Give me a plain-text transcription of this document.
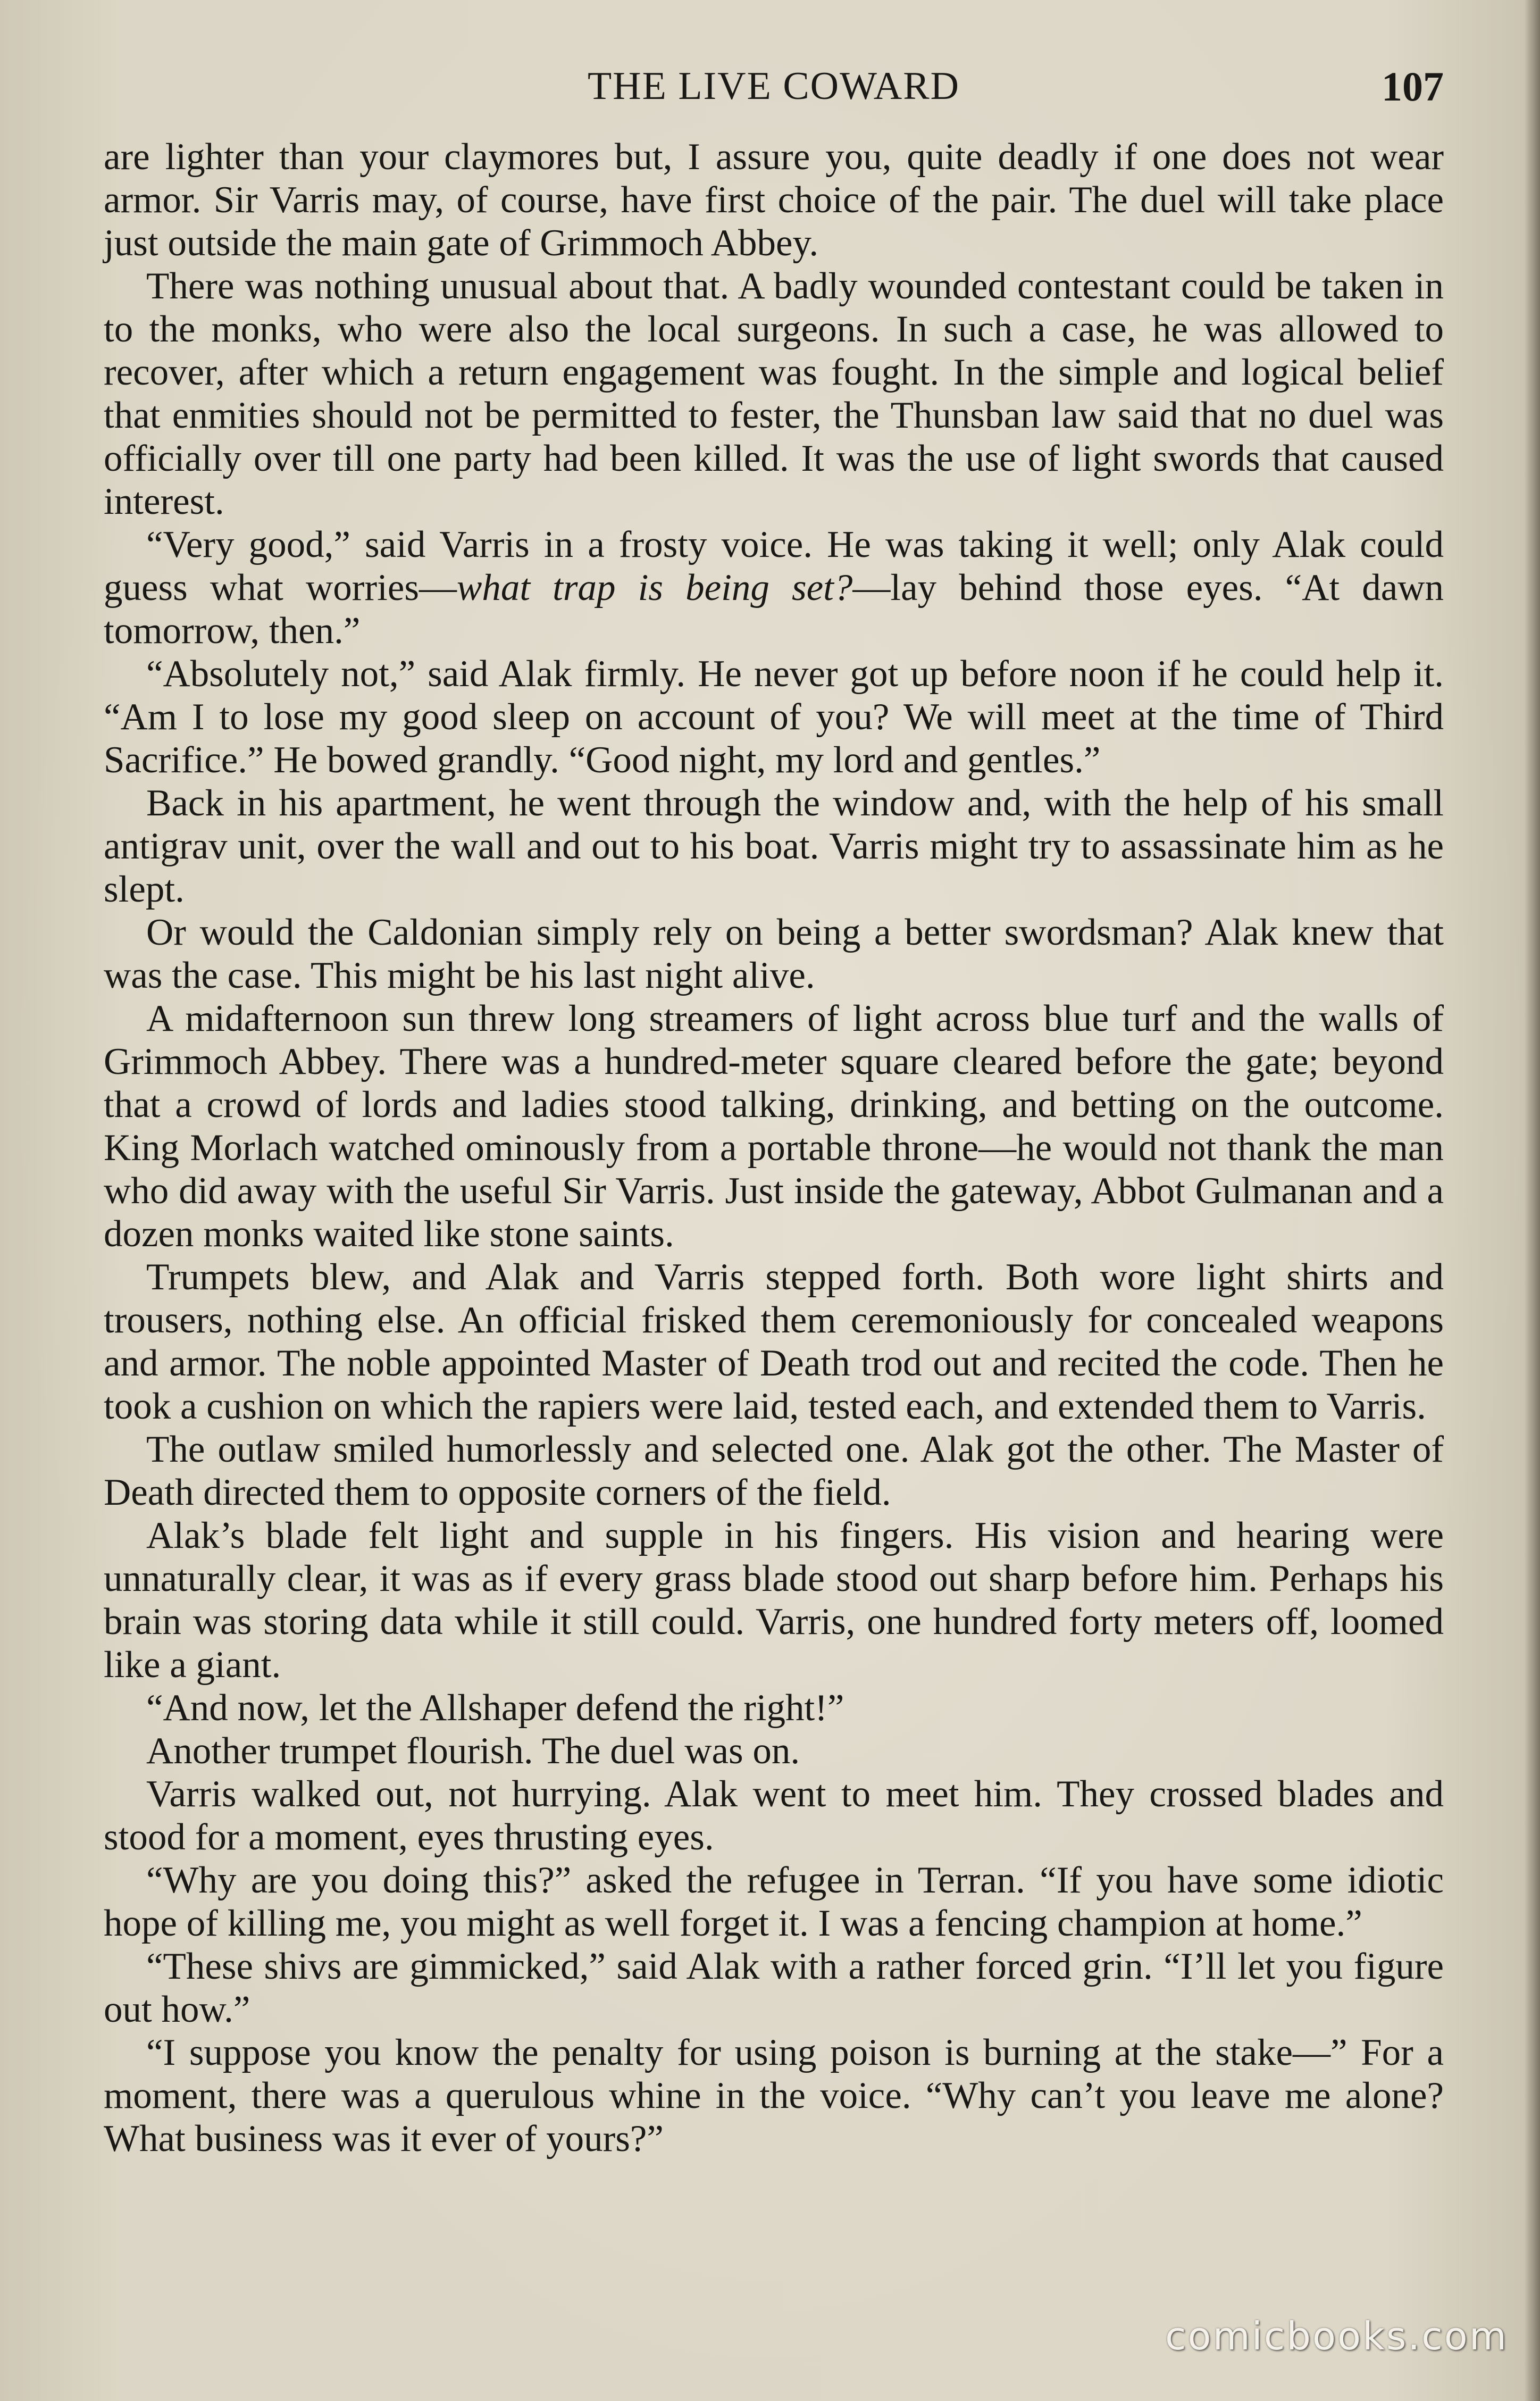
THE LIVE COWARD	107

are lighter than your claymores but, I assure you, quite deadly if one does not wear armor. Sir Varris may, of course, have first choice of the pair. The duel will take place just outside the main gate of Grimmoch Abbey.

There was nothing unusual about that. A badly wounded contestant could be taken in to the monks, who were also the local surgeons. In such a case, he was allowed to recover, after which a return engagement was fought. In the simple and logical belief that enmities should not be permitted to fester, the Thunsban law said that no duel was officially over till one party had been killed. It was the use of light swords that caused interest.

“Very good,” said Varris in a frosty voice. He was taking it well; only Alak could guess what worries—what trap is being set?—lay behind those eyes. “At dawn tomorrow, then.”

“Absolutely not,” said Alak firmly. He never got up before noon if he could help it. “Am I to lose my good sleep on account of you? We will meet at the time of Third Sacrifice.” He bowed grandly. “Good night, my lord and gentles.”

Back in his apartment, he went through the window and, with the help of his small antigrav unit, over the wall and out to his boat. Varris might try to assassinate him as he slept.

Or would the Caldonian simply rely on being a better swordsman? Alak knew that was the case. This might be his last night alive.

A midafternoon sun threw long streamers of light across blue turf and the walls of Grimmoch Abbey. There was a hundred-meter square cleared before the gate; beyond that a crowd of lords and ladies stood talking, drinking, and betting on the outcome. King Morlach watched ominously from a portable throne—he would not thank the man who did away with the useful Sir Varris. Just inside the gateway, Abbot Gulmanan and a dozen monks waited like stone saints.

Trumpets blew, and Alak and Varris stepped forth. Both wore light shirts and trousers, nothing else. An official frisked them ceremoniously for concealed weapons and armor. The noble appointed Master of Death trod out and recited the code. Then he took a cushion on which the rapiers were laid, tested each, and extended them to Varris.

The outlaw smiled humorlessly and selected one. Alak got the other. The Master of Death directed them to opposite corners of the field.

Alak’s blade felt light and supple in his fingers. His vision and hearing were unnaturally clear, it was as if every grass blade stood out sharp before him. Perhaps his brain was storing data while it still could. Varris, one hundred forty meters off, loomed like a giant.

“And now, let the Allshaper defend the right!”

Another trumpet flourish. The duel was on.

Varris walked out, not hurrying. Alak went to meet him. They crossed blades and stood for a moment, eyes thrusting eyes.

“Why are you doing this?” asked the refugee in Terran. “If you have some idiotic hope of killing me, you might as well forget it. I was a fencing champion at home.”

“These shivs are gimmicked,” said Alak with a rather forced grin. “I’ll let you figure out how.”

“I suppose you know the penalty for using poison is burning at the stake—” For a moment, there was a querulous whine in the voice. “Why can’t you leave me alone? What business was it ever of yours?”

comicbooks.com
